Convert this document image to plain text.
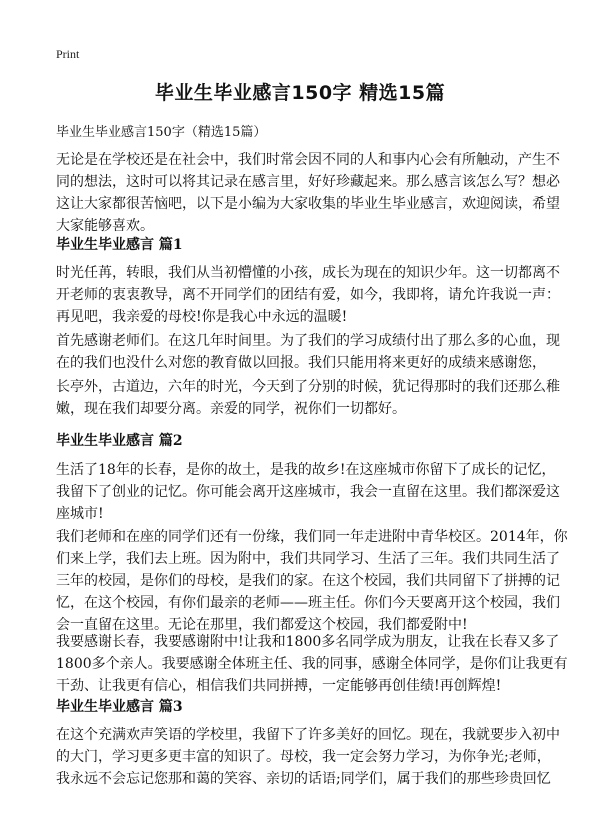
Print
毕业生毕业感言150字 精选15篇
毕业生毕业感言150字（精选15篇）
无论是在学校还是在社会中，我们时常会因不同的人和事内心会有所触动，产生不
同的想法，这时可以将其记录在感言里，好好珍藏起来。那么感言该怎么写？想必
这让大家都很苦恼吧，以下是小编为大家收集的毕业生毕业感言，欢迎阅读，希望
大家能够喜欢。
毕业生毕业感言 篇1
时光任苒，转眼，我们从当初懵懂的小孩，成长为现在的知识少年。这一切都离不
开老师的衷衷教导，离不开同学们的团结有爱，如今，我即将，请允许我说一声：
再见吧，我亲爱的母校!你是我心中永远的温暖!
首先感谢老师们。在这几年时间里。为了我们的学习成绩付出了那么多的心血，现
在的我们也没什么对您的教育做以回报。我们只能用将来更好的成绩来感谢您，
长亭外，古道边，六年的时光，今天到了分别的时候，犹记得那时的我们还那么稚
嫩，现在我们却要分离。亲爱的同学，祝你们一切都好。
毕业生毕业感言 篇2
生活了18年的长春，是你的故土，是我的故乡!在这座城市你留下了成长的记忆，
我留下了创业的记忆。你可能会离开这座城市，我会一直留在这里。我们都深爱这
座城市!
我们老师和在座的同学们还有一份缘，我们同一年走进附中青华校区。2014年，你
们来上学，我们去上班。因为附中，我们共同学习、生活了三年。我们共同生活了
三年的校园，是你们的母校，是我们的家。在这个校园，我们共同留下了拼搏的记
忆，在这个校园，有你们最亲的老师——班主任。你们今天要离开这个校园，我们
会一直留在这里。无论在那里，我们都爱这个校园，我们都爱附中!
我要感谢长春，我要感谢附中!让我和1800多名同学成为朋友，让我在长春又多了
1800多个亲人。我要感谢全体班主任、我的同事，感谢全体同学，是你们让我更有
干劲、让我更有信心，相信我们共同拼搏，一定能够再创佳绩!再创辉煌!
毕业生毕业感言 篇3
在这个充满欢声笑语的学校里，我留下了许多美好的回忆。现在，我就要步入初中
的大门，学习更多更丰富的知识了。母校，我一定会努力学习，为你争光;老师，
我永远不会忘记您那和蔼的笑容、亲切的话语;同学们，属于我们的那些珍贵回忆
